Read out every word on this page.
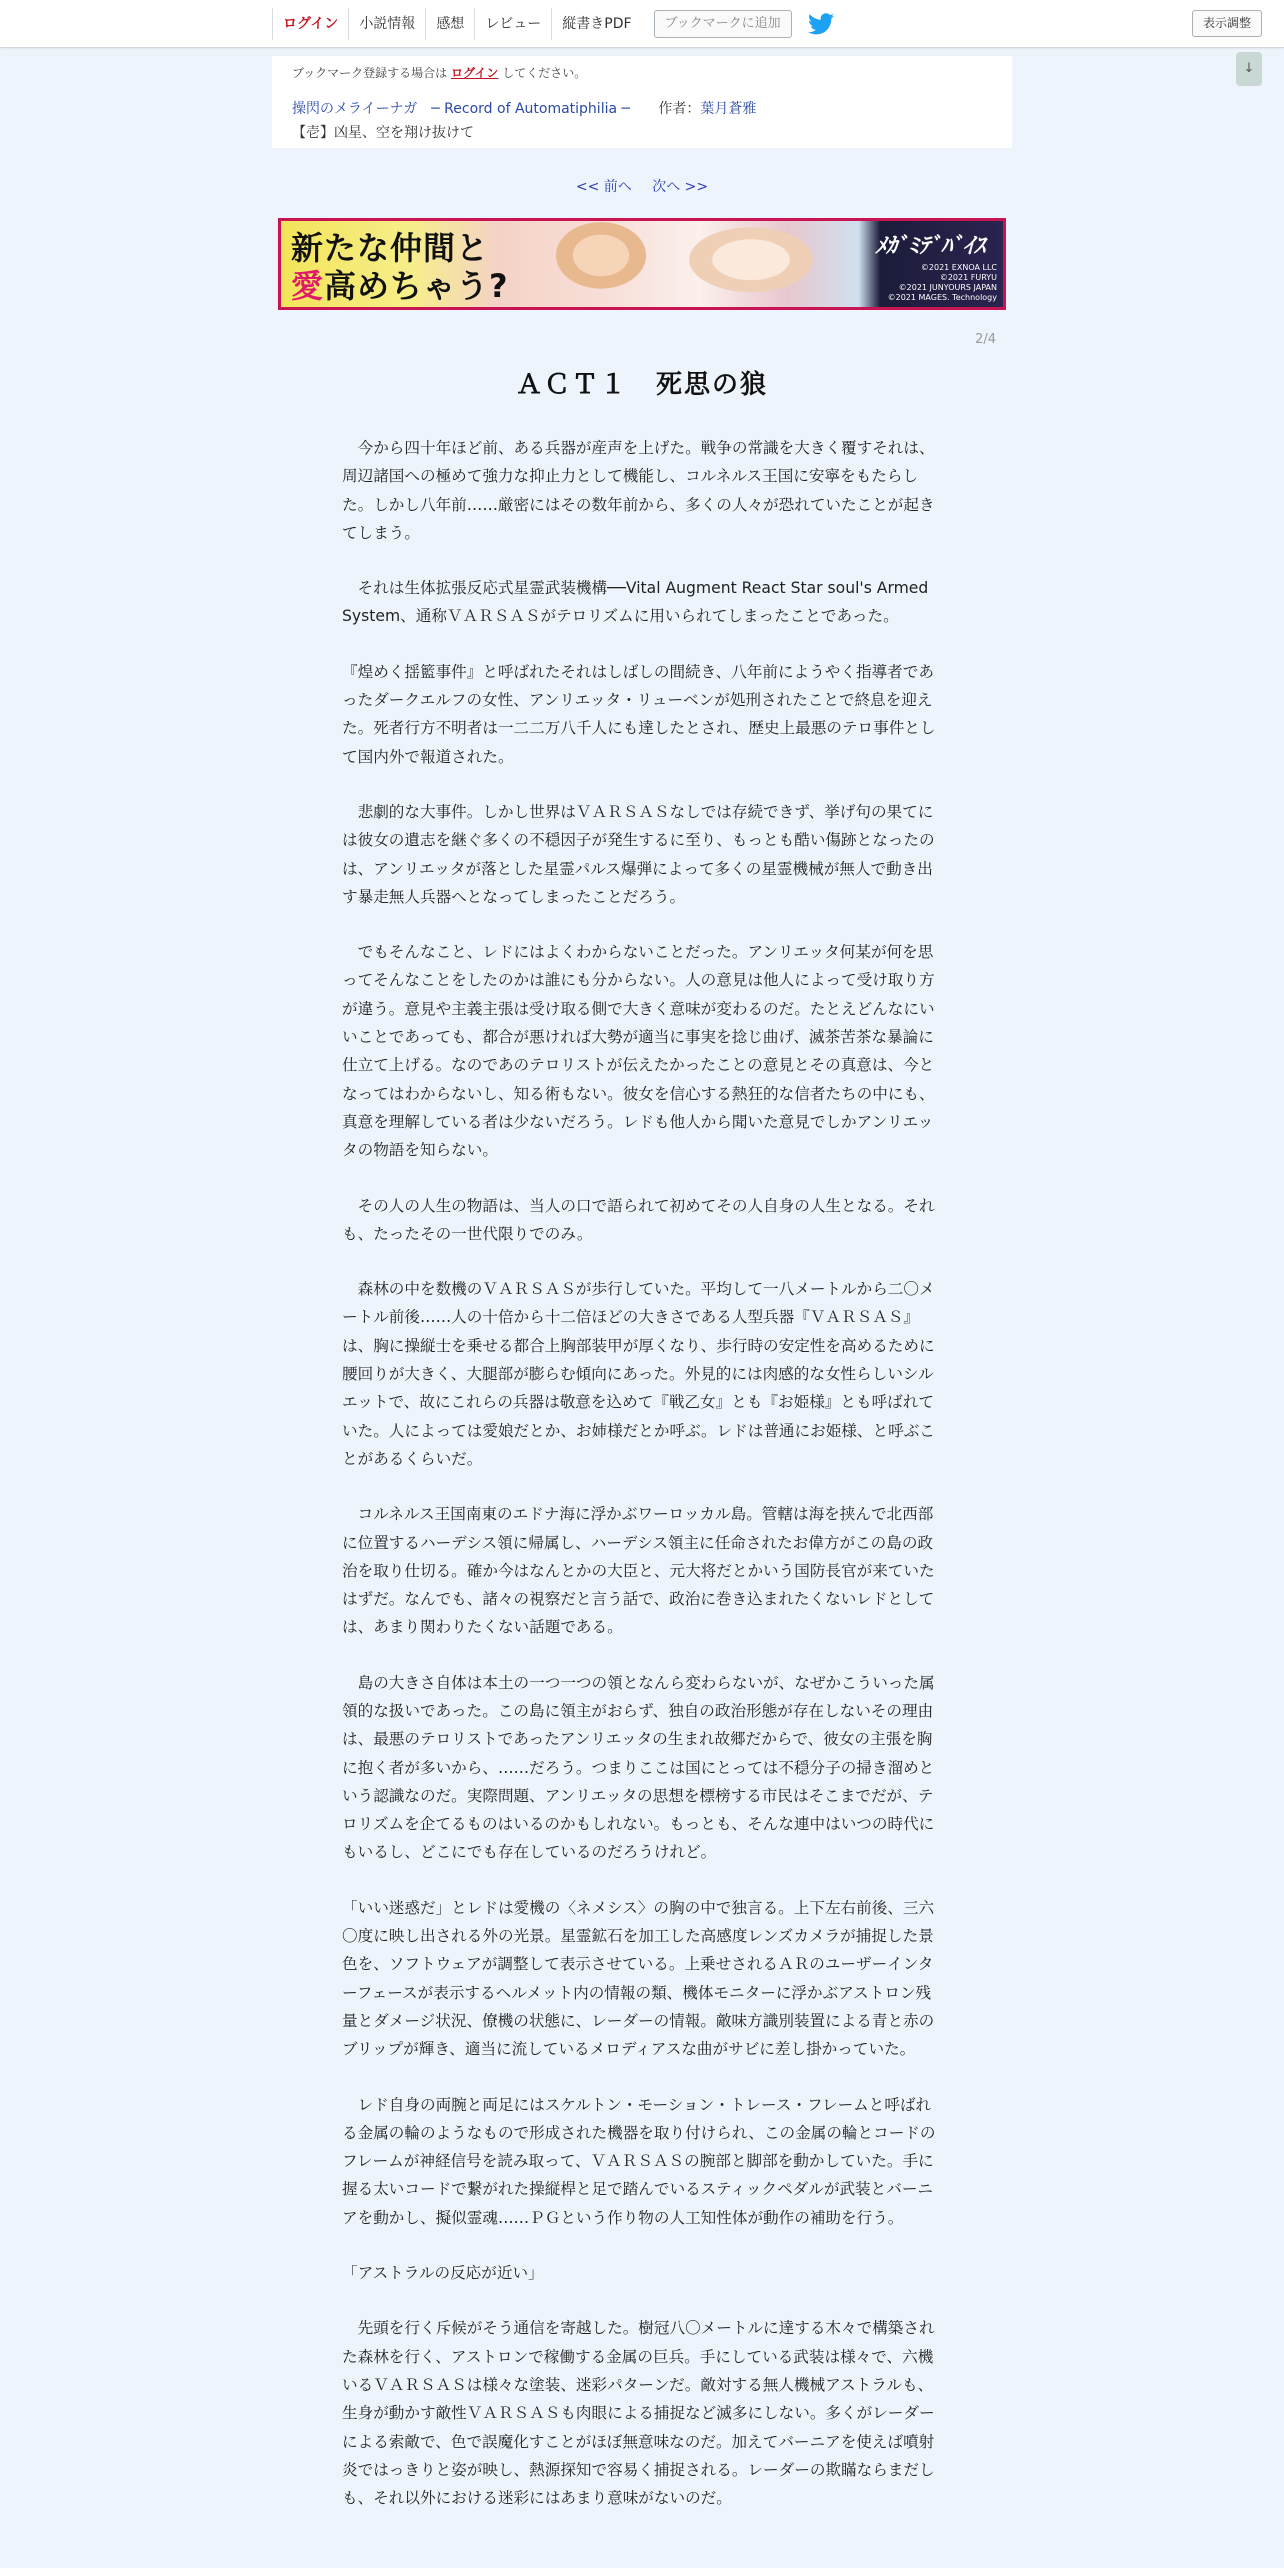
ログイン	小説情報	感想	レビュー	縦書きPDF	ブックマークに追加	表示調整
↓
ブックマーク登録する場合は ログイン してください。
操閃のメライーナガ　─ Record of Automatiphilia ─ 作者：葉月蒼雅
【壱】凶星、空を翔け抜けて
<< 前へ 次へ >>
新たな仲間と
愛高めちゃう?
ﾒｶﾞﾐﾃﾞﾊﾞｲｽ
©2021 EXNOA LLC
©2021 FURYU
©2021 JUNYOURS JAPAN
©2021 MAGES. Technology
2/4
ＡＣＴ１　死思の狼

　今から四十年ほど前、ある兵器が産声を上げた。戦争の常識を大きく覆すそれは、周辺諸国への極めて強力な抑止力として機能し、コルネルス王国に安寧をもたらした。しかし八年前……厳密にはその数年前から、多くの人々が恐れていたことが起きてしまう。

　それは生体拡張反応式星霊武装機構──Vital Augment React Star soul's Armed System、通称ＶＡＲＳＡＳがテロリズムに用いられてしまったことであった。

『煌めく揺籃事件』と呼ばれたそれはしばしの間続き、八年前にようやく指導者であったダークエルフの女性、アンリエッタ・リューベンが処刑されたことで終息を迎えた。死者行方不明者は一二二万八千人にも達したとされ、歴史上最悪のテロ事件として国内外で報道された。

　悲劇的な大事件。しかし世界はＶＡＲＳＡＳなしでは存続できず、挙げ句の果てには彼女の遺志を継ぐ多くの不穏因子が発生するに至り、もっとも酷い傷跡となったのは、アンリエッタが落とした星霊パルス爆弾によって多くの星霊機械が無人で動き出す暴走無人兵器へとなってしまったことだろう。

　でもそんなこと、レドにはよくわからないことだった。アンリエッタ何某が何を思ってそんなことをしたのかは誰にも分からない。人の意見は他人によって受け取り方が違う。意見や主義主張は受け取る側で大きく意味が変わるのだ。たとえどんなにいいことであっても、都合が悪ければ大勢が適当に事実を捻じ曲げ、滅茶苦茶な暴論に仕立て上げる。なのであのテロリストが伝えたかったことの意見とその真意は、今となってはわからないし、知る術もない。彼女を信心する熱狂的な信者たちの中にも、真意を理解している者は少ないだろう。レドも他人から聞いた意見でしかアンリエッタの物語を知らない。

　その人の人生の物語は、当人の口で語られて初めてその人自身の人生となる。それも、たったその一世代限りでのみ。

　森林の中を数機のＶＡＲＳＡＳが歩行していた。平均して一八メートルから二〇メートル前後……人の十倍から十二倍ほどの大きさである人型兵器『ＶＡＲＳＡＳ』は、胸に操縦士を乗せる都合上胸部装甲が厚くなり、歩行時の安定性を高めるために腰回りが大きく、大腿部が膨らむ傾向にあった。外見的には肉感的な女性らしいシルエットで、故にこれらの兵器は敬意を込めて『戦乙女』とも『お姫様』とも呼ばれていた。人によっては愛娘だとか、お姉様だとか呼ぶ。レドは普通にお姫様、と呼ぶことがあるくらいだ。

　コルネルス王国南東のエドナ海に浮かぶワーロッカル島。管轄は海を挟んで北西部に位置するハーデシス領に帰属し、ハーデシス領主に任命されたお偉方がこの島の政治を取り仕切る。確か今はなんとかの大臣と、元大将だとかいう国防長官が来ていたはずだ。なんでも、諸々の視察だと言う話で、政治に巻き込まれたくないレドとしては、あまり関わりたくない話題である。

　島の大きさ自体は本土の一つ一つの領となんら変わらないが、なぜかこういった属領的な扱いであった。この島に領主がおらず、独自の政治形態が存在しないその理由は、最悪のテロリストであったアンリエッタの生まれ故郷だからで、彼女の主張を胸に抱く者が多いから、……だろう。つまりここは国にとっては不穏分子の掃き溜めという認識なのだ。実際問題、アンリエッタの思想を標榜する市民はそこまでだが、テロリズムを企てるものはいるのかもしれない。もっとも、そんな連中はいつの時代にもいるし、どこにでも存在しているのだろうけれど。

「いい迷惑だ」とレドは愛機の〈ネメシス〉の胸の中で独言る。上下左右前後、三六〇度に映し出される外の光景。星霊鉱石を加工した高感度レンズカメラが捕捉した景色を、ソフトウェアが調整して表示させている。上乗せされるＡＲのユーザーインターフェースが表示するヘルメット内の情報の類、機体モニターに浮かぶアストロン残量とダメージ状況、僚機の状態に、レーダーの情報。敵味方識別装置による青と赤のブリップが輝き、適当に流しているメロディアスな曲がサビに差し掛かっていた。

　レド自身の両腕と両足にはスケルトン・モーション・トレース・フレームと呼ばれる金属の輪のようなもので形成された機器を取り付けられ、この金属の輪とコードのフレームが神経信号を読み取って、ＶＡＲＳＡＳの腕部と脚部を動かしていた。手に握る太いコードで繋がれた操縦桿と足で踏んでいるスティックペダルが武装とバーニアを動かし、擬似霊魂……ＰＧという作り物の人工知性体が動作の補助を行う。

「アストラルの反応が近い」

　先頭を行く斥候がそう通信を寄越した。樹冠八〇メートルに達する木々で構築された森林を行く、アストロンで稼働する金属の巨兵。手にしている武装は様々で、六機いるＶＡＲＳＡＳは様々な塗装、迷彩パターンだ。敵対する無人機械アストラルも、生身が動かす敵性ＶＡＲＳＡＳも肉眼による捕捉など滅多にしない。多くがレーダーによる索敵で、色で誤魔化すことがほぼ無意味なのだ。加えてバーニアを使えば噴射炎ではっきりと姿が映し、熱源探知で容易く捕捉される。レーダーの欺瞞ならまだしも、それ以外における迷彩にはあまり意味がないのだ。
